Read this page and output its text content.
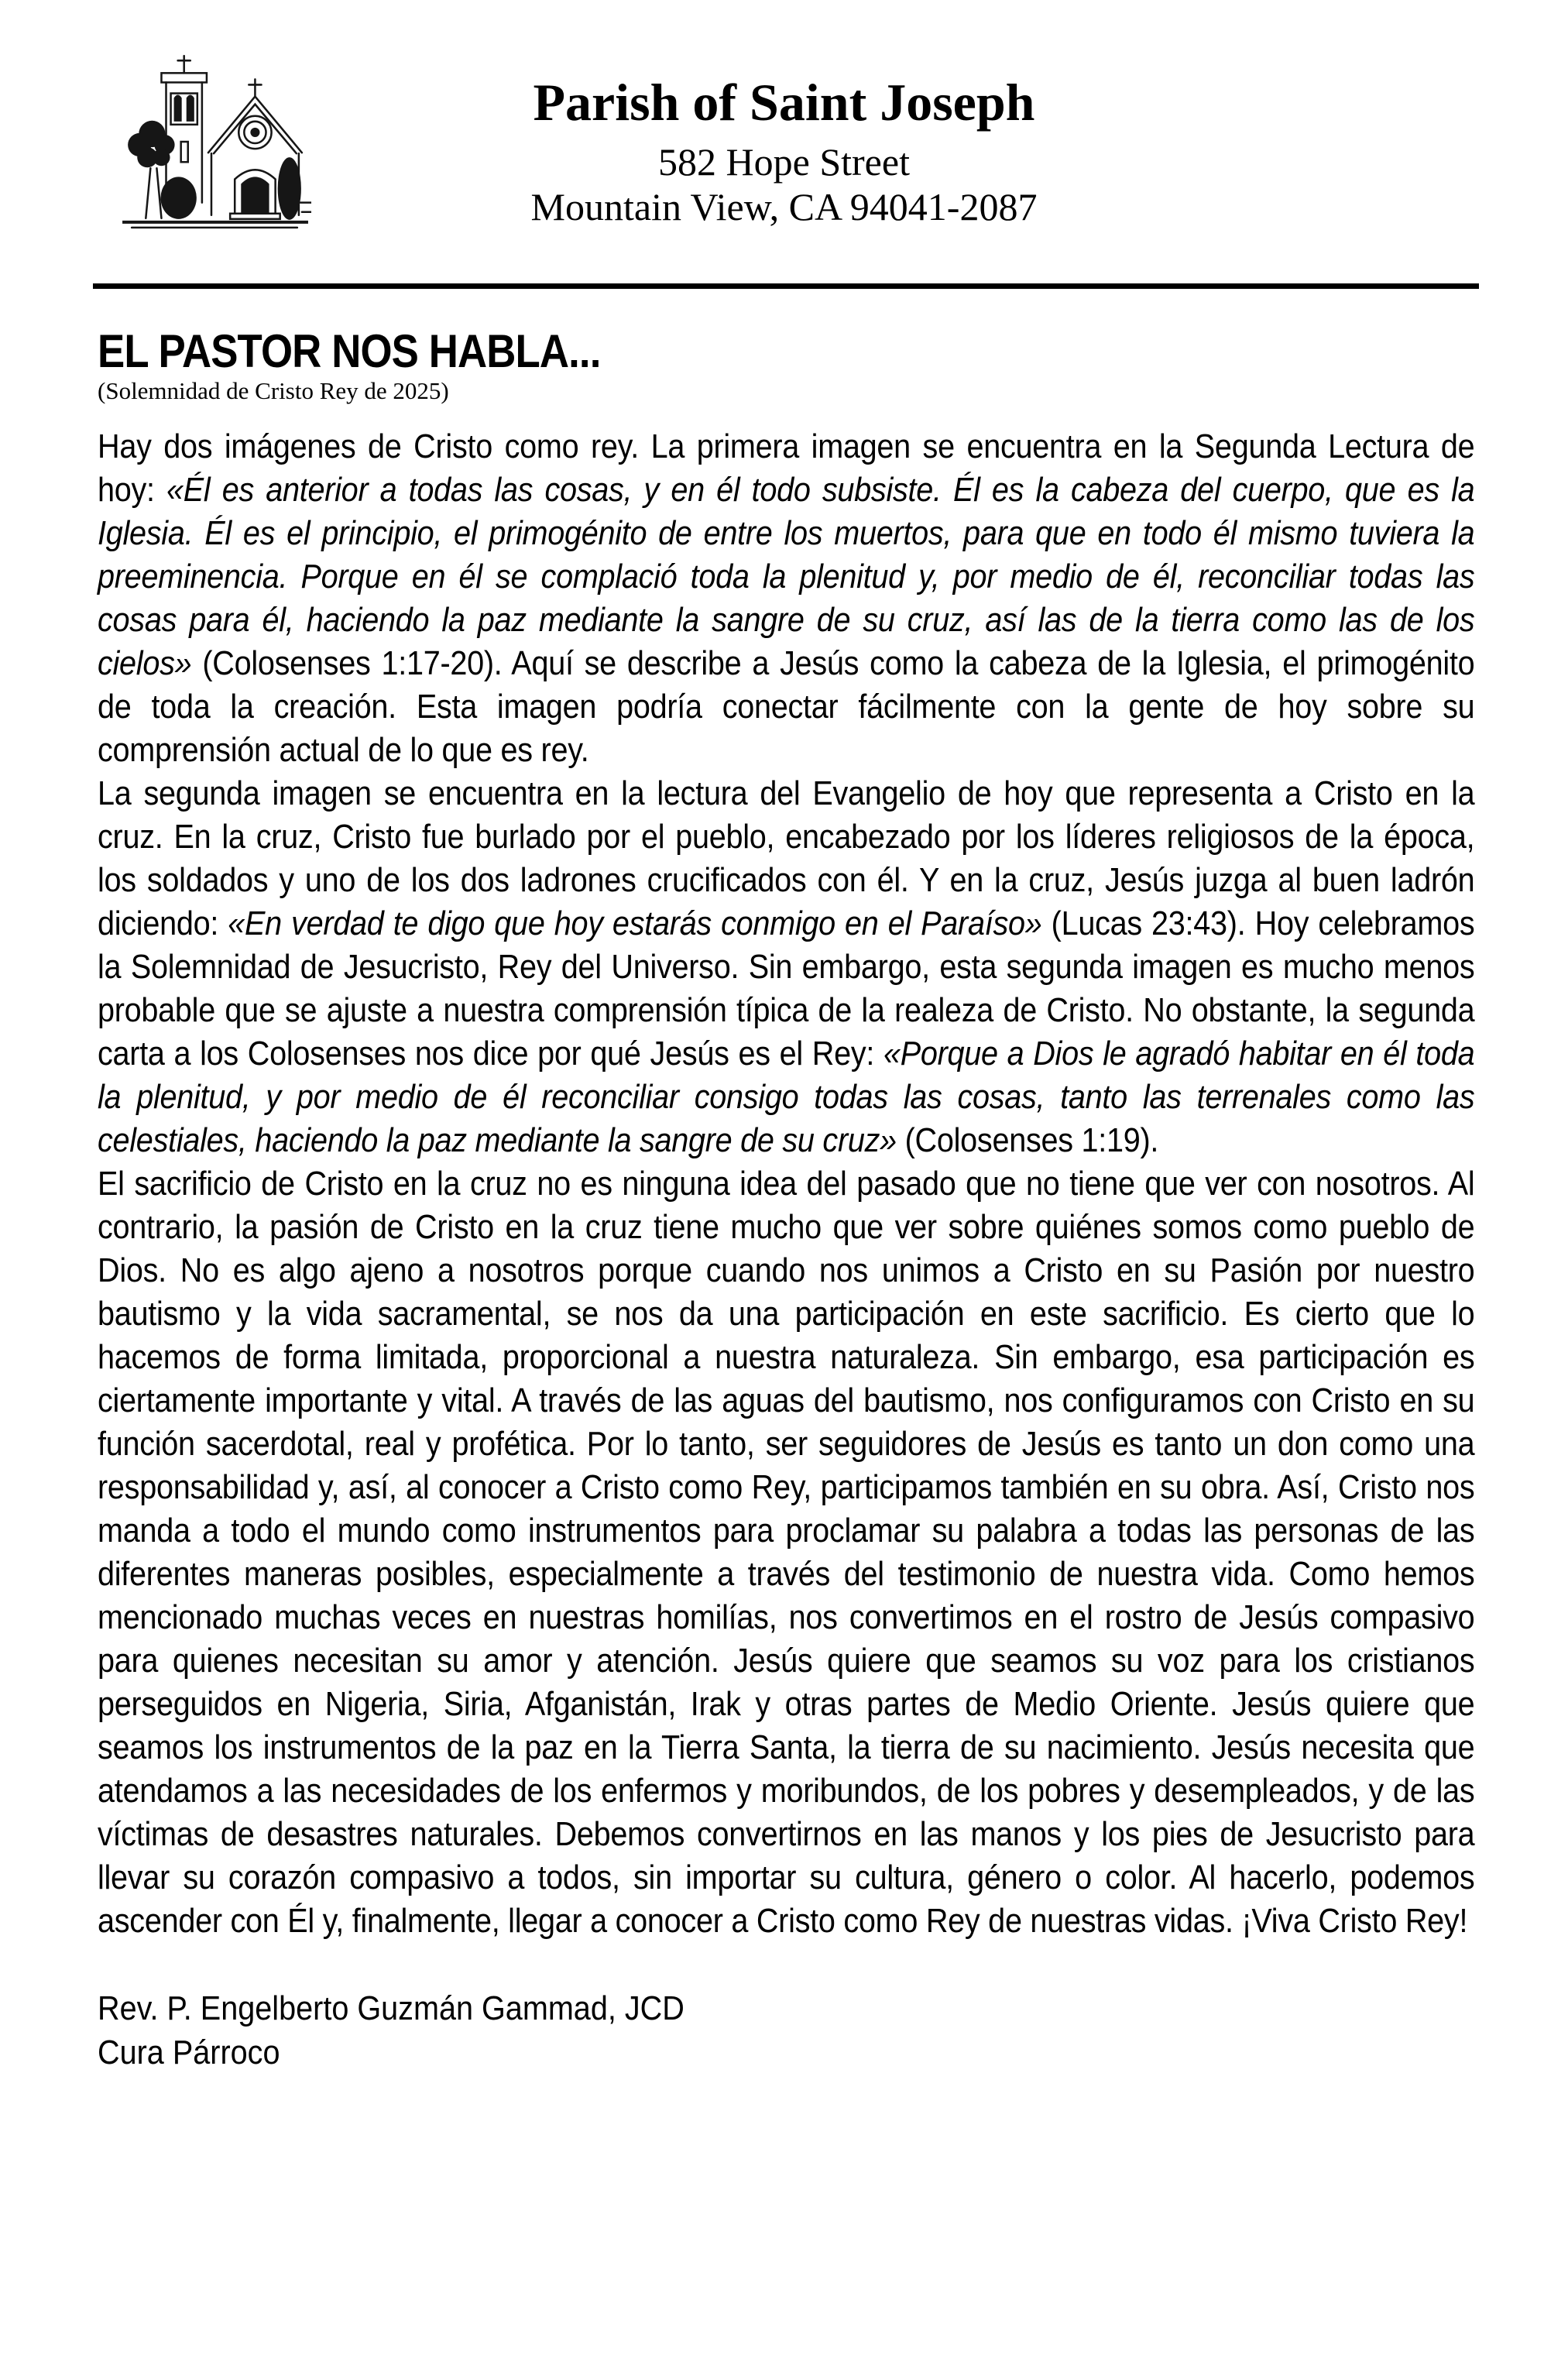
Parish of Saint Joseph
582 Hope Street
Mountain View, CA 94041-2087
EL PASTOR NOS HABLA...
(Solemnidad de Cristo Rey de 2025)

Hay dos imágenes de Cristo como rey. La primera imagen se encuentra en la Segunda Lectura de hoy: «Él es anterior a todas las cosas, y en él todo subsiste. Él es la cabeza del cuerpo, que es la Iglesia. Él es el principio, el primogénito de entre los muertos, para que en todo él mismo tuviera la preeminencia. Porque en él se complació toda la plenitud y, por medio de él, reconciliar todas las cosas para él, haciendo la paz mediante la sangre de su cruz, así las de la tierra como las de los cielos» (Colosenses 1:17-20). Aquí se describe a Jesús como la cabeza de la Iglesia, el primogénito de toda la creación. Esta imagen podría conectar fácilmente con la gente de hoy sobre su comprensión actual de lo que es rey.

La segunda imagen se encuentra en la lectura del Evangelio de hoy que representa a Cristo en la cruz. En la cruz, Cristo fue burlado por el pueblo, encabezado por los líderes religiosos de la época, los soldados y uno de los dos ladrones crucificados con él. Y en la cruz, Jesús juzga al buen ladrón diciendo: «En verdad te digo que hoy estarás conmigo en el Paraíso» (Lucas 23:43). Hoy celebramos la Solemnidad de Jesucristo, Rey del Universo. Sin embargo, esta segunda imagen es mucho menos probable que se ajuste a nuestra comprensión típica de la realeza de Cristo. No obstante, la segunda carta a los Colosenses nos dice por qué Jesús es el Rey: «Porque a Dios le agradó habitar en él toda la plenitud, y por medio de él reconciliar consigo todas las cosas, tanto las terrenales como las celestiales, haciendo la paz mediante la sangre de su cruz» (Colosenses 1:19).

El sacrificio de Cristo en la cruz no es ninguna idea del pasado que no tiene que ver con nosotros. Al contrario, la pasión de Cristo en la cruz tiene mucho que ver sobre quiénes somos como pueblo de Dios. No es algo ajeno a nosotros porque cuando nos unimos a Cristo en su Pasión por nuestro bautismo y la vida sacramental, se nos da una participación en este sacrificio. Es cierto que lo hacemos de forma limitada, proporcional a nuestra naturaleza. Sin embargo, esa participación es ciertamente importante y vital. A través de las aguas del bautismo, nos configuramos con Cristo en su función sacerdotal, real y profética. Por lo tanto, ser seguidores de Jesús es tanto un don como una responsabilidad y, así, al conocer a Cristo como Rey, participamos también en su obra. Así, Cristo nos manda a todo el mundo como instrumentos para proclamar su palabra a todas las personas de las diferentes maneras posibles, especialmente a través del testimonio de nuestra vida. Como hemos mencionado muchas veces en nuestras homilías, nos convertimos en el rostro de Jesús compasivo para quienes necesitan su amor y atención. Jesús quiere que seamos su voz para los cristianos perseguidos en Nigeria, Siria, Afganistán, Irak y otras partes de Medio Oriente. Jesús quiere que seamos los instrumentos de la paz en la Tierra Santa, la tierra de su nacimiento. Jesús necesita que atendamos a las necesidades de los enfermos y moribundos, de los pobres y desempleados, y de las víctimas de desastres naturales. Debemos convertirnos en las manos y los pies de Jesucristo para llevar su corazón compasivo a todos, sin importar su cultura, género o color. Al hacerlo, podemos ascender con Él y, finalmente, llegar a conocer a Cristo como Rey de nuestras vidas. ¡Viva Cristo Rey!

Rev. P. Engelberto Guzmán Gammad, JCD
Cura Párroco
